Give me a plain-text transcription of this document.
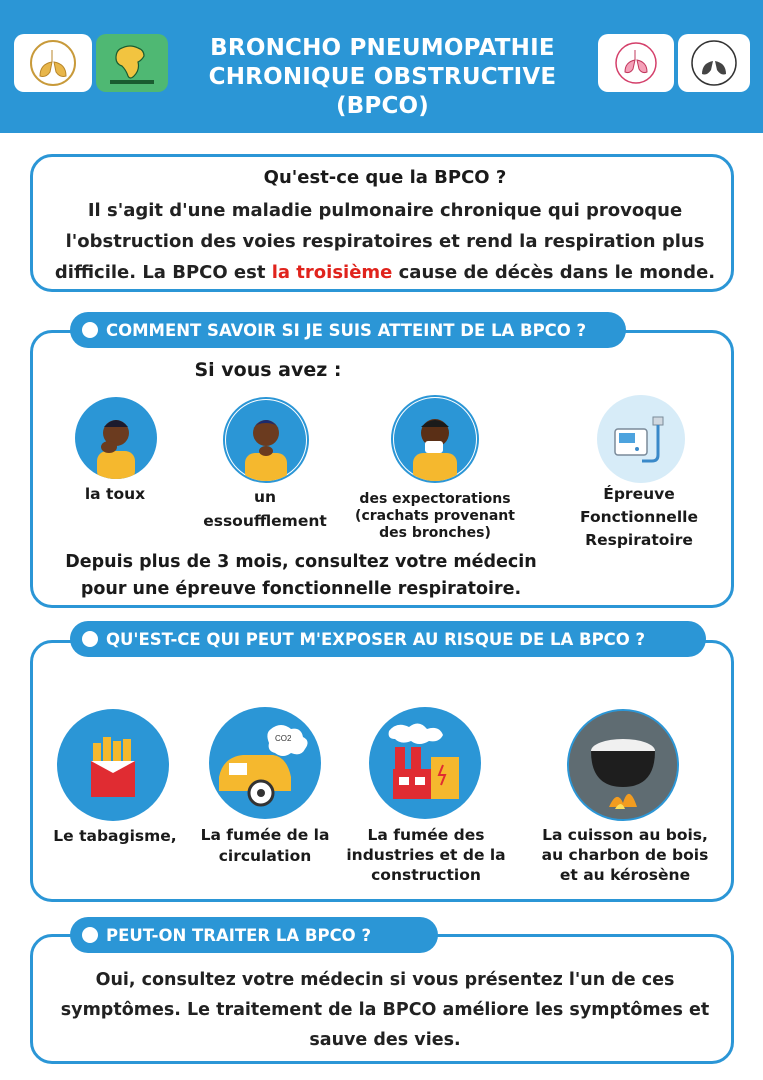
BRONCHO PNEUMOPATHIE
CHRONIQUE OBSTRUCTIVE
(BPCO)
Qu'est-ce que la BPCO ?
Il s'agit d'une maladie pulmonaire chronique qui provoque l'obstruction des voies respiratoires et rend la respiration plus difficile. La BPCO est la troisième cause de décès dans le monde.
Si vous avez :
la toux	un essoufflement
des expectorations (crachats provenant des bronches)
Épreuve Fonctionnelle Respiratoire
Depuis plus de 3 mois, consultez votre médecin pour une épreuve fonctionnelle respiratoire.
COMMENT SAVOIR SI JE SUIS ATTEINT DE LA BPCO ?
CO2
Le tabagisme,	La fumée de la circulation
La fumée des industries et de la construction
La cuisson au bois, au charbon de bois et au kérosène
QU'EST-CE QUI PEUT M'EXPOSER AU RISQUE DE LA BPCO ?
Oui, consultez votre médecin si vous présentez l'un de ces symptômes. Le traitement de la BPCO améliore les symptômes et sauve des vies.
PEUT-ON TRAITER LA BPCO ?
